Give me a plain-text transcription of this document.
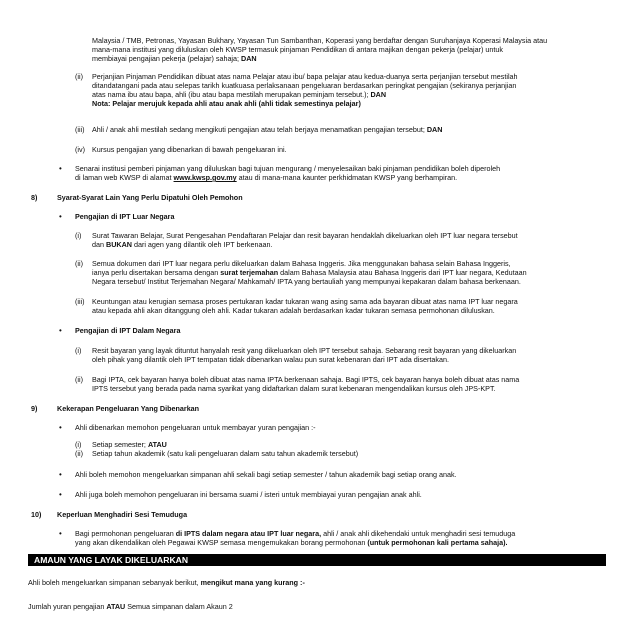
Malaysia / TMB, Petronas, Yayasan Bukhary, Yayasan Tun Sambanthan, Koperasi yang berdaftar dengan Suruhanjaya Koperasi Malaysia atau

mana-mana institusi yang diluluskan oleh KWSP termasuk pinjaman Pendidikan di antara majikan dengan pekerja (pelajar) untuk

membiayai pengajian pekerja (pelajar) sahaja; DAN

(ii)	Perjanjian Pinjaman Pendidikan dibuat atas nama Pelajar atau ibu/ bapa pelajar atau kedua-duanya serta perjanjian tersebut mestilah

ditandatangani pada atau selepas tarikh kuatkuasa perlaksanaan pengeluaran berdasarkan peringkat pengajian (sekiranya perjanjian

atas nama ibu atau bapa, ahli (ibu atau bapa mestilah merupakan peminjam tersebut.); DAN

Nota: Pelajar merujuk kepada ahli atau anak ahli (ahli tidak semestinya pelajar)

(iii)	Ahli / anak ahli mestilah sedang mengikuti pengajian atau telah berjaya menamatkan pengajian tersebut; DAN

(iv) Kursus pengajian yang dibenarkan di bawah pengeluaran ini.

•	Senarai institusi pemberi pinjaman yang diluluskan bagi tujuan mengurang / menyelesaikan baki pinjaman pendidikan boleh diperoleh

di laman web KWSP di alamat www.kwsp.gov.my atau di mana-mana kaunter perkhidmatan KWSP yang berhampiran.

8)	Syarat-Syarat Lain Yang Perlu Dipatuhi Oleh Pemohon
•	Pengajian di IPT Luar Negara
(i)	Surat Tawaran Belajar, Surat Pengesahan Pendaftaran Pelajar dan resit bayaran hendaklah dikeluarkan oleh IPT luar negara tersebut

dan BUKAN dari agen yang dilantik oleh IPT berkenaan.

(ii)	Semua dokumen dari IPT luar negara perlu dikeluarkan dalam Bahasa Inggeris. Jika menggunakan bahasa selain Bahasa Inggeris,

ianya perlu disertakan bersama dengan surat terjemahan dalam Bahasa Malaysia atau Bahasa Inggeris dari IPT luar negara, Kedutaan

Negara tersebut/ Institut Terjemahan Negara/ Mahkamah/ IPTA yang bertauliah yang mempunyai kepakaran dalam bahasa berkenaan.

(iii)	Keuntungan atau kerugian semasa proses pertukaran kadar tukaran wang asing sama ada bayaran dibuat atas nama IPT luar negara

atau kepada ahli akan ditanggung oleh ahli. Kadar tukaran adalah berdasarkan kadar tukaran semasa permohonan diluluskan.

•	Pengajian di IPT Dalam Negara
(i)	Resit bayaran yang layak dituntut hanyalah resit yang dikeluarkan oleh IPT tersebut sahaja. Sebarang resit bayaran yang dikeluarkan

oleh pihak yang dilantik oleh IPT tempatan tidak dibenarkan walau pun surat kebenaran dari IPT ada disertakan.

(ii)	Bagi IPTA, cek bayaran hanya boleh dibuat atas nama IPTA berkenaan sahaja. Bagi IPTS, cek bayaran hanya boleh dibuat atas nama

IPTS tersebut yang berada pada nama syarikat yang didaftarkan dalam surat kebenaran mengendalikan kursus oleh JPS-KPT.

9)	Kekerapan Pengeluaran Yang Dibenarkan
•	Ahli dibenarkan memohon pengeluaran untuk membayar yuran pengajian :-
(i)	Setiap semester; ATAU

(ii)	Setiap tahun akademik (satu kali pengeluaran dalam satu tahun akademik tersebut)
•	Ahli boleh memohon mengeluarkan simpanan ahli sekali bagi setiap semester / tahun akademik bagi setiap orang anak.
•	Ahli juga boleh memohon pengeluaran ini bersama suami / isteri untuk membiayai yuran pengajian anak ahli.
10) Keperluan Menghadiri Sesi Temuduga
•	Bagi permohonan pengeluaran di IPTS dalam negara atau IPT luar negara, ahli / anak ahli dikehendaki untuk menghadiri sesi temuduga

yang akan dikendalikan oleh Pegawai KWSP semasa mengemukakan borang permohonan (untuk permohonan kali pertama sahaja).

AMAUN YANG LAYAK DIKELUARKAN
Ahli boleh mengeluarkan simpanan sebanyak berikut, mengikut mana yang kurang :-
Jumlah yuran pengajian ATAU Semua simpanan dalam Akaun 2
